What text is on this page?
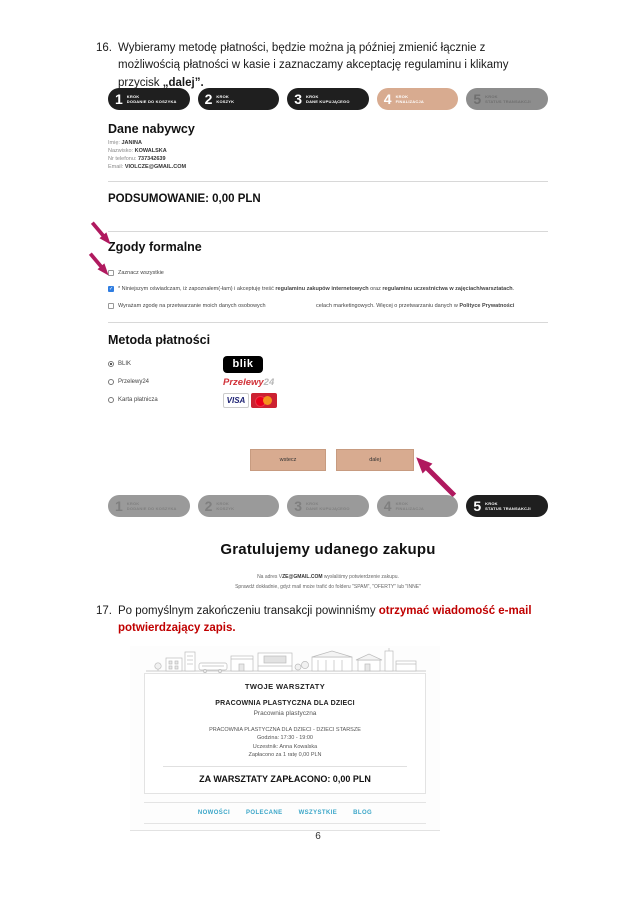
16. Wybieramy metodę płatności, będzie można ją później zmienić łącznie z możliwością płatności w kasie i zaznaczamy akceptację regulaminu i klikamy przycisk „dalej”.
1 KROK
DODANIE DO KOSZYKA 2 KROK
KOSZYK	3 KROK
DANE KUPUJĄCEGO 4 KROK
FINALIZACJA	5 KROK
STATUS TRANSAKCJI
Dane nabywcy
Imię: JANINA
Nazwisko: KOWALSKA
Nr telefonu: 737342639
Email: VIOLCZE@GMAIL.COM
PODSUMOWANIE: 0,00 PLN
Zgody formalne
Zaznacz wszystkie
✓ * Niniejszym oświadczam, iż zapoznałem(-łam) i akceptuję treść regulaminu zakupów internetowych oraz regulaminu uczestnictwa w zajęciach/warsztatach.
Wyrażam zgodę na przetwarzanie moich danych osobowych	celach marketingowych. Więcej o przetwarzaniu danych w Polityce Prywatności
Metoda płatności
BLIK	blik
Przelewy24	Przelewy24
Karta płatnicza	VISA
wstecz	dalej
1 KROK
DODANIE DO KOSZYKA 2 KROK
KOSZYK	3 KROK
DANE KUPUJĄCEGO 4 KROK
FINALIZACJA	5 KROK
STATUS TRANSAKCJI
Gratulujemy udanego zakupu
Na adres VZE@GMAIL.COM wysłaliśmy potwierdzenie zakupu.
Sprawdź dokładnie, gdyż mail może trafić do folderu "SPAM", "OFERTY" lub "INNE"
17. Po pomyślnym zakończeniu transakcji powinniśmy otrzymać wiadomość e-mail potwierdzający zapis.
TWOJE WARSZTATY
PRACOWNIA PLASTYCZNA DLA DZIECI
Pracownia plastyczna
PRACOWNIA PLASTYCZNA DLA DZIECI - DZIECI STARSZE
Godzina: 17:30 - 19:00
Uczestnik: Anna Kowalska
Zapłacono za 1 ratę 0,00 PLN
ZA WARSZTATY ZAPŁACONO: 0,00 PLN
NOWOŚCI	POLECANE	WSZYSTKIE	BLOG
6
